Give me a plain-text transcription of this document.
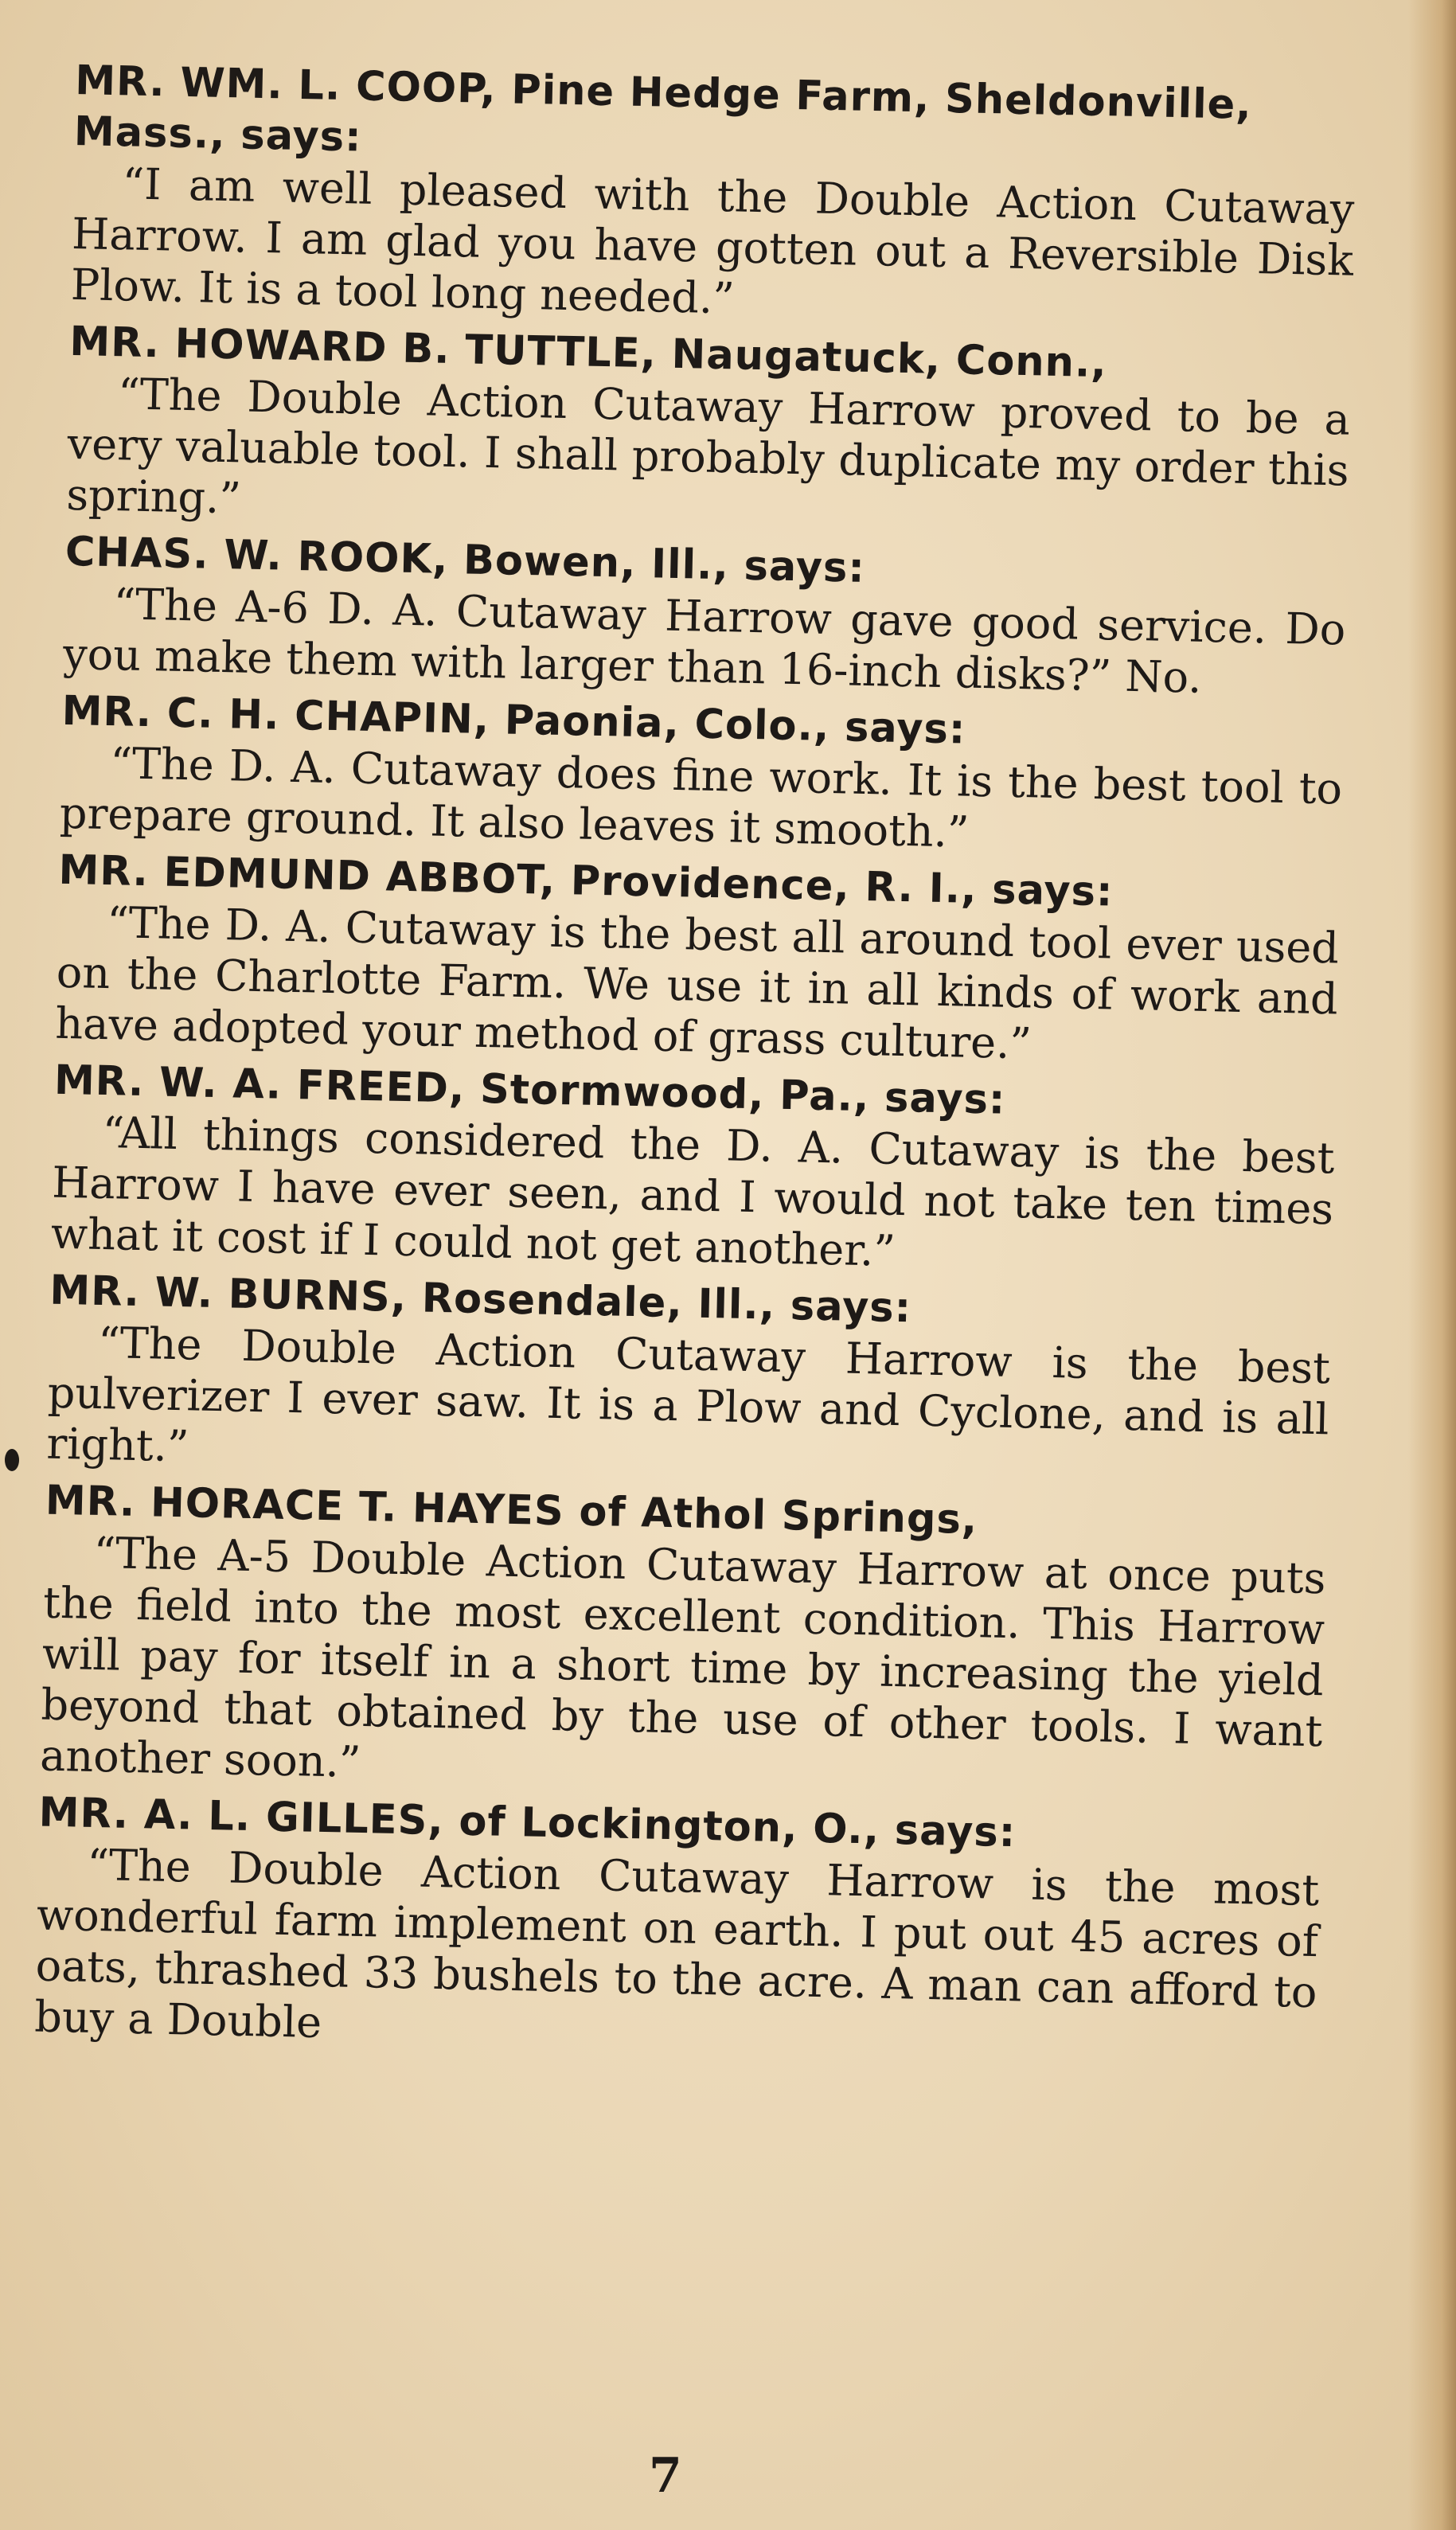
MR. WM. L. COOP, Pine Hedge Farm, Sheldonville, Mass., says:

“I am well pleased with the Double Action Cutaway Harrow. I am glad you have gotten out a Reversible Disk Plow. It is a tool long needed.”

MR. HOWARD B. TUTTLE, Naugatuck, Conn.,

“The Double Action Cutaway Harrow proved to be a very valuable tool. I shall probably duplicate my order this spring.”

CHAS. W. ROOK, Bowen, Ill., says:

“The A-6 D. A. Cutaway Harrow gave good service. Do you make them with larger than 16-inch disks?” No.

MR. C. H. CHAPIN, Paonia, Colo., says:

“The D. A. Cutaway does fine work. It is the best tool to prepare ground. It also leaves it smooth.”

MR. EDMUND ABBOT, Providence, R. I., says:

“The D. A. Cutaway is the best all around tool ever used on the Charlotte Farm. We use it in all kinds of work and have adopted your method of grass culture.”

MR. W. A. FREED, Stormwood, Pa., says:

“All things considered the D. A. Cutaway is the best Harrow I have ever seen, and I would not take ten times what it cost if I could not get another.”

MR. W. BURNS, Rosendale, Ill., says:

“The Double Action Cutaway Harrow is the best pulverizer I ever saw. It is a Plow and Cyclone, and is all right.”

MR. HORACE T. HAYES of Athol Springs,

“The A-5 Double Action Cutaway Harrow at once puts the field into the most excellent condition. This Harrow will pay for itself in a short time by increasing the yield beyond that obtained by the use of other tools. I want another soon.”

MR. A. L. GILLES, of Lockington, O., says:

“The Double Action Cutaway Harrow is the most wonderful farm implement on earth. I put out 45 acres of oats, thrashed 33 bushels to the acre. A man can afford to buy a Double

7
